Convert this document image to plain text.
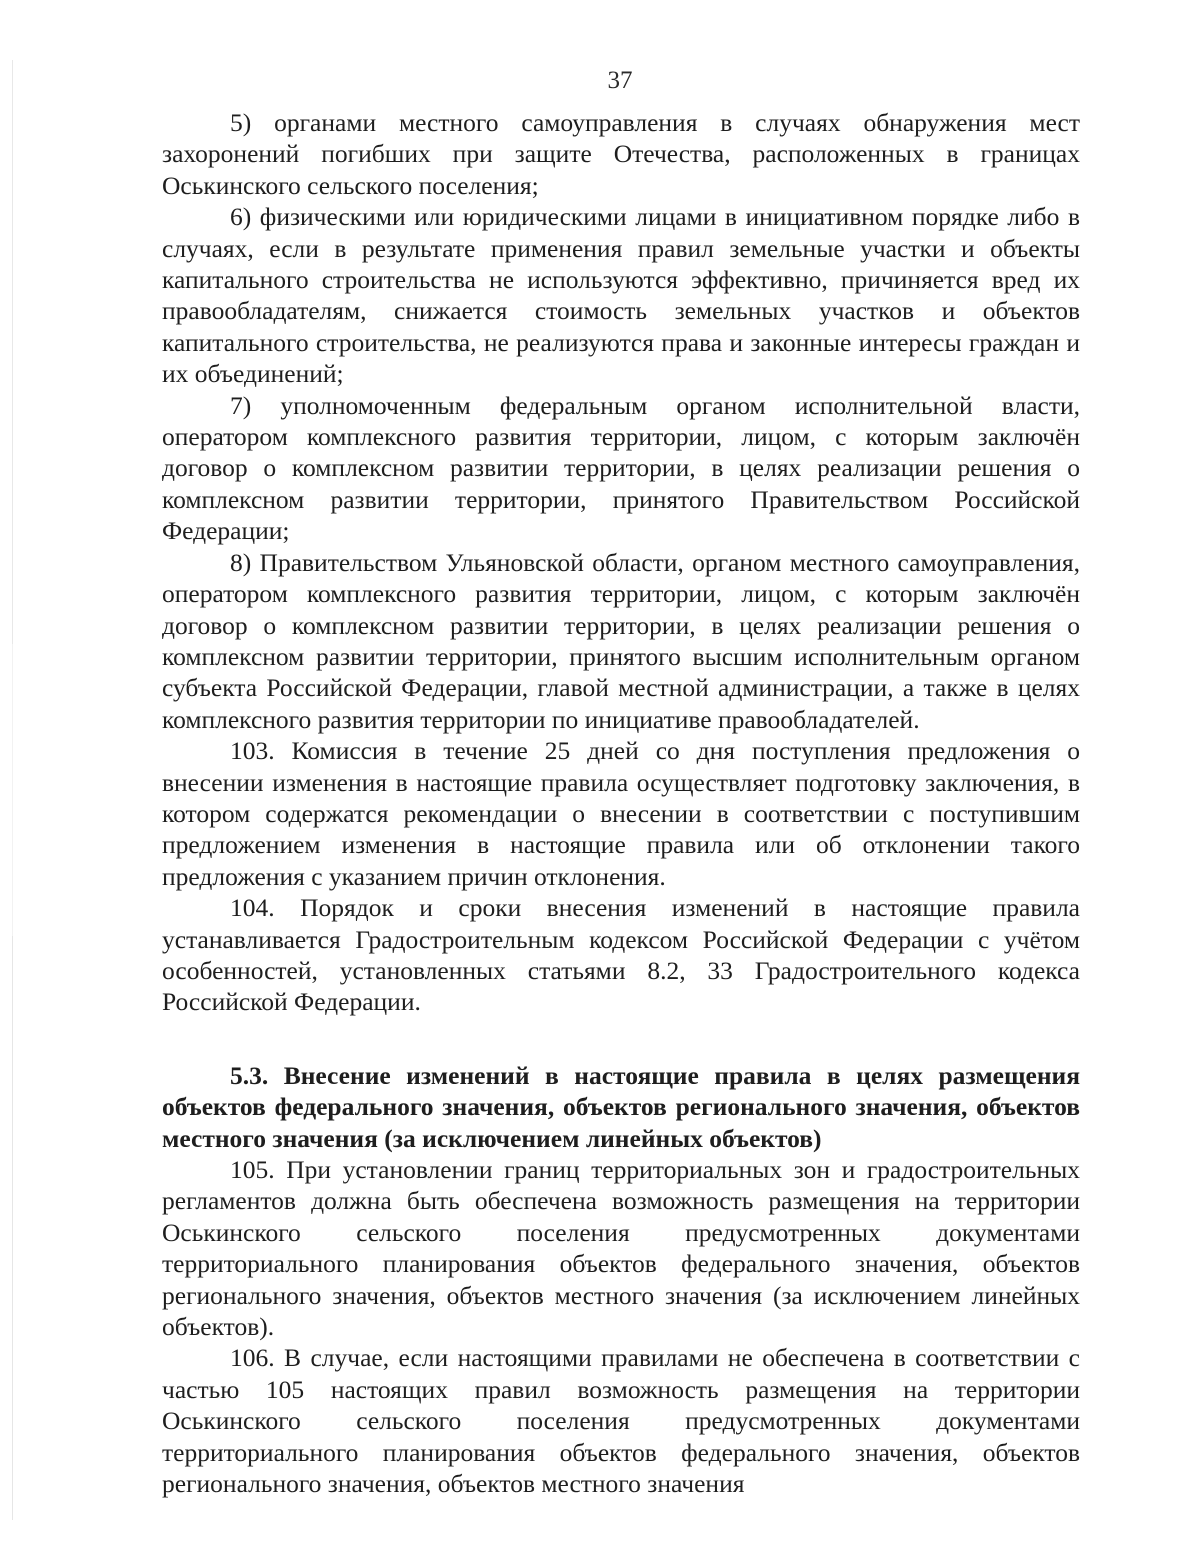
37

5) органами местного самоуправления в случаях обнаружения мест захоронений погибших при защите Отечества, расположенных в границах Оськинского сельского поселения;

6) физическими или юридическими лицами в инициативном порядке либо в случаях, если в результате применения правил земельные участки и объекты капитального строительства не используются эффективно, причиняется вред их правообладателям, снижается стоимость земельных участков и объектов капитального строительства, не реализуются права и законные интересы граждан и их объединений;

7) уполномоченным федеральным органом исполнительной власти, оператором комплексного развития территории, лицом, с которым заключён договор о комплексном развитии территории, в целях реализации решения о комплексном развитии территории, принятого Правительством Российской Федерации;

8) Правительством Ульяновской области, органом местного самоуправления, оператором комплексного развития территории, лицом, с которым заключён договор о комплексном развитии территории, в целях реализации решения о комплексном развитии территории, принятого высшим исполнительным органом субъекта Российской Федерации, главой местной администрации, а также в целях комплексного развития территории по инициативе правообладателей.

103. Комиссия в течение 25 дней со дня поступления предложения о внесении изменения в настоящие правила осуществляет подготовку заключения, в котором содержатся рекомендации о внесении в соответствии с поступившим предложением изменения в настоящие правила или об отклонении такого предложения с указанием причин отклонения.

104. Порядок и сроки внесения изменений в настоящие правила устанавливается Градостроительным кодексом Российской Федерации с учётом особенностей, установленных статьями 8.2, 33 Градостроительного кодекса Российской Федерации.

5.3. Внесение изменений в настоящие правила в целях размещения объектов федерального значения, объектов регионального значения, объектов местного значения (за исключением линейных объектов)

105. При установлении границ территориальных зон и градостроительных регламентов должна быть обеспечена возможность размещения на территории Оськинского сельского поселения предусмотренных документами территориального планирования объектов федерального значения, объектов регионального значения, объектов местного значения (за исключением линейных объектов).

106. В случае, если настоящими правилами не обеспечена в соответствии с частью 105 настоящих правил возможность размещения на территории Оськинского сельского поселения предусмотренных документами территориального планирования объектов федерального значения, объектов регионального значения, объектов местного значения
